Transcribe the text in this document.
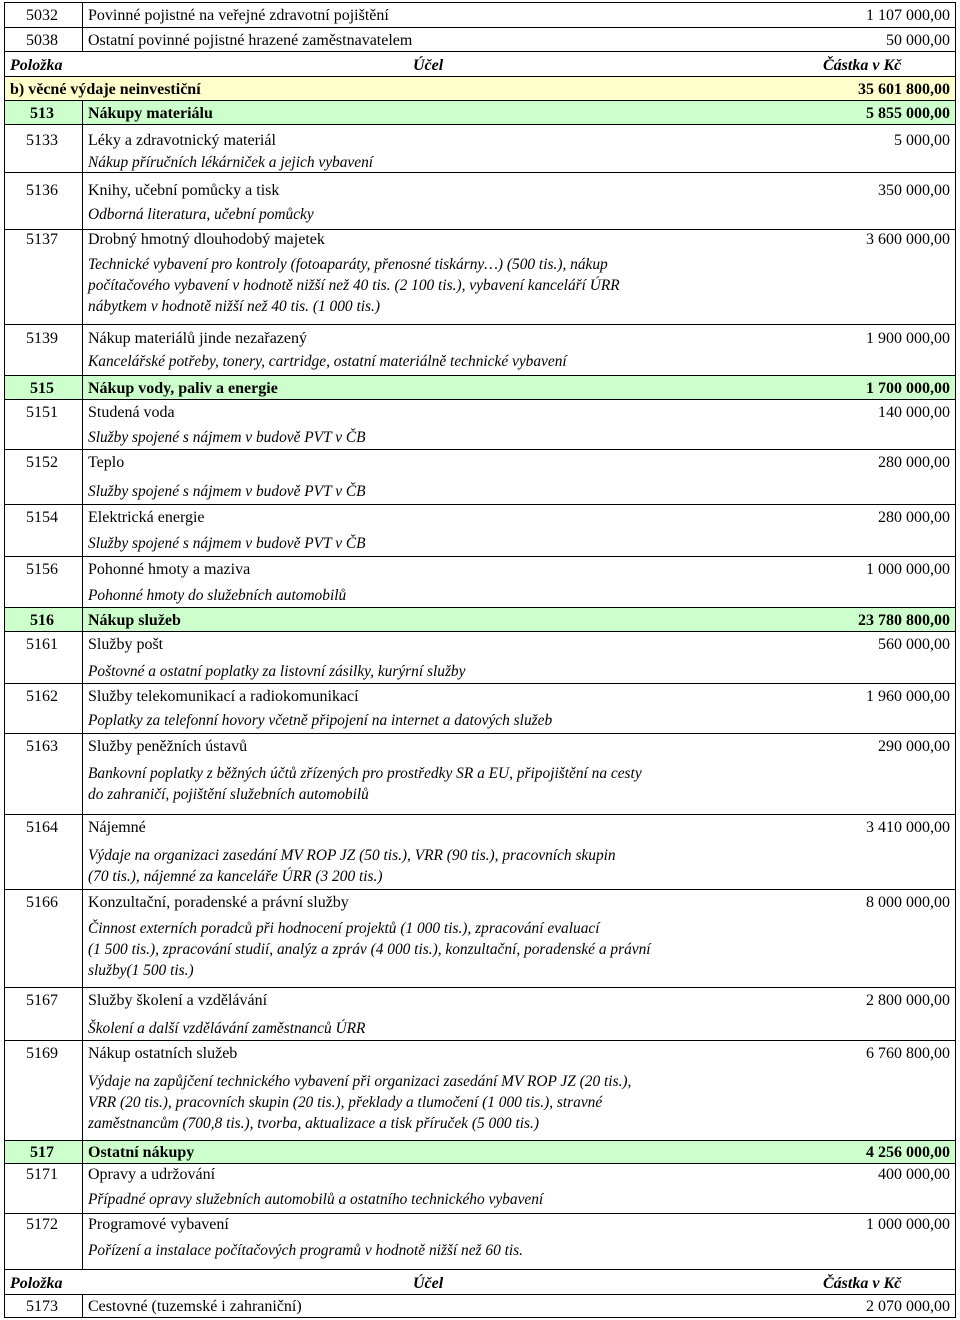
5032	Povinné pojistné na veřejné zdravotní pojištění	1 107 000,00
5038	Ostatní povinné pojistné hrazené zaměstnavatelem	50 000,00
Položka	Účel	Částka v Kč
b) věcné výdaje neinvestiční	35 601 800,00
513	Nákupy materiálu	5 855 000,00
5133	Léky a zdravotnický materiál	5 000,00
Nákup příručních lékárniček a jejich vybavení
5136	Knihy, učební pomůcky a tisk	350 000,00
Odborná literatura, učební pomůcky
5137	Drobný hmotný dlouhodobý majetek	3 600 000,00
Technické vybavení pro kontroly (fotoaparáty, přenosné tiskárny…) (500 tis.), nákup
počítačového vybavení v hodnotě nižší než 40 tis. (2 100 tis.), vybavení kanceláří ÚRR
nábytkem v hodnotě nižší než 40 tis. (1 000 tis.)
5139	Nákup materiálů jinde nezařazený	1 900 000,00
Kancelářské potřeby, tonery, cartridge, ostatní materiálně technické vybavení
515	Nákup vody, paliv a energie	1 700 000,00
5151	Studená voda	140 000,00
Služby spojené s nájmem v budově PVT v ČB
5152	Teplo	280 000,00
Služby spojené s nájmem v budově PVT v ČB
5154	Elektrická energie	280 000,00
Služby spojené s nájmem v budově PVT v ČB
5156	Pohonné hmoty a maziva	1 000 000,00
Pohonné hmoty do služebních automobilů
516	Nákup služeb	23 780 800,00
5161	Služby pošt	560 000,00
Poštovné a ostatní poplatky za listovní zásilky, kurýrní služby
5162	Služby telekomunikací a radiokomunikací	1 960 000,00
Poplatky za telefonní hovory včetně připojení na internet a datových služeb
5163	Služby peněžních ústavů	290 000,00
Bankovní poplatky z běžných účtů zřízených pro prostředky SR a EU, připojištění na cesty
do zahraničí, pojištění služebních automobilů
5164	Nájemné	3 410 000,00
Výdaje na organizaci zasedání MV ROP JZ (50 tis.), VRR (90 tis.), pracovních skupin
(70 tis.), nájemné za kanceláře ÚRR (3 200 tis.)
5166	Konzultační, poradenské a právní služby	8 000 000,00
Činnost externích poradců při hodnocení projektů (1 000 tis.), zpracování evaluací
(1 500 tis.), zpracování studií, analýz a zpráv (4 000 tis.), konzultační, poradenské a právní
služby(1 500 tis.)
5167	Služby školení a vzdělávání	2 800 000,00
Školení a další vzdělávání zaměstnanců ÚRR
5169	Nákup ostatních služeb	6 760 800,00
Výdaje na zapůjčení technického vybavení při organizaci zasedání MV ROP JZ (20 tis.),
VRR (20 tis.), pracovních skupin (20 tis.), překlady a tlumočení (1 000 tis.), stravné
zaměstnancům (700,8 tis.), tvorba, aktualizace a tisk příruček (5 000 tis.)
517	Ostatní nákupy	4 256 000,00
5171	Opravy a udržování	400 000,00
Případné opravy služebních automobilů a ostatního technického vybavení
5172	Programové vybavení	1 000 000,00
Pořízení a instalace počítačových programů v hodnotě nižší než 60 tis.
Položka	Účel	Částka v Kč
5173	Cestovné (tuzemské i zahraniční)	2 070 000,00
